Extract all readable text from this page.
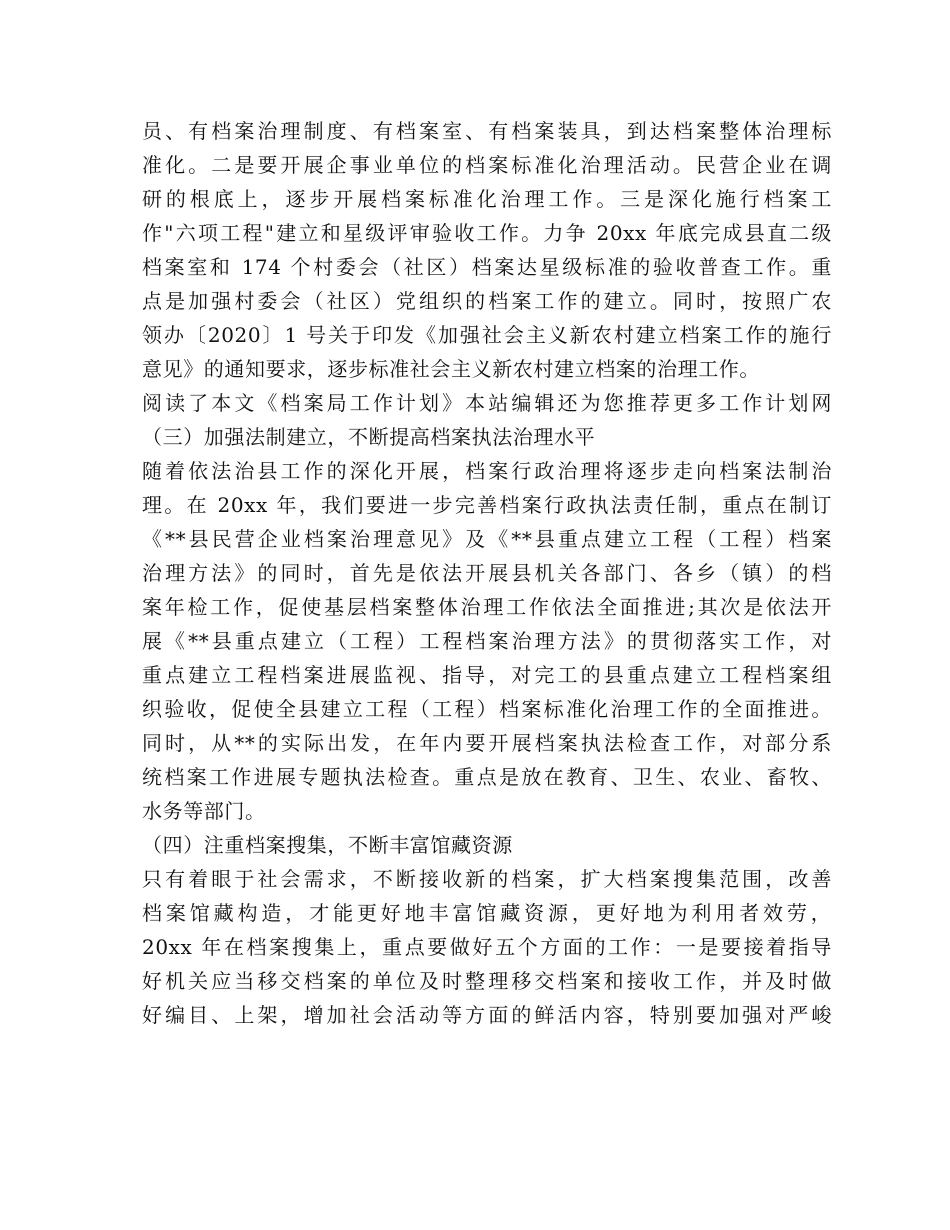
员、有档案治理制度、有档案室、有档案装具，到达档案整体治理标
准化。二是要开展企事业单位的档案标准化治理活动。民营企业在调
研的根底上，逐步开展档案标准化治理工作。三是深化施行档案工
作"六项工程"建立和星级评审验收工作。力争 20xx 年底完成县直二级
档案室和 174 个村委会（社区）档案达星级标准的验收普查工作。重
点是加强村委会（社区）党组织的档案工作的建立。同时，按照广农
领办〔2020〕1 号关于印发《加强社会主义新农村建立档案工作的施行
意见》的通知要求，逐步标准社会主义新农村建立档案的治理工作。
阅读了本文《档案局工作计划》本站编辑还为您推荐更多工作计划网
（三）加强法制建立，不断提高档案执法治理水平
随着依法治县工作的深化开展，档案行政治理将逐步走向档案法制治
理。在 20xx 年，我们要进一步完善档案行政执法责任制，重点在制订
《**县民营企业档案治理意见》及《**县重点建立工程（工程）档案
治理方法》的同时，首先是依法开展县机关各部门、各乡（镇）的档
案年检工作，促使基层档案整体治理工作依法全面推进;其次是依法开
展《**县重点建立（工程）工程档案治理方法》的贯彻落实工作，对
重点建立工程档案进展监视、指导，对完工的县重点建立工程档案组
织验收，促使全县建立工程（工程）档案标准化治理工作的全面推进。
同时，从**的实际出发，在年内要开展档案执法检查工作，对部分系
统档案工作进展专题执法检查。重点是放在教育、卫生、农业、畜牧、
水务等部门。
（四）注重档案搜集，不断丰富馆藏资源
只有着眼于社会需求，不断接收新的档案，扩大档案搜集范围，改善
档案馆藏构造，才能更好地丰富馆藏资源，更好地为利用者效劳，
20xx 年在档案搜集上，重点要做好五个方面的工作：一是要接着指导
好机关应当移交档案的单位及时整理移交档案和接收工作，并及时做
好编目、上架，增加社会活动等方面的鲜活内容，特别要加强对严峻
